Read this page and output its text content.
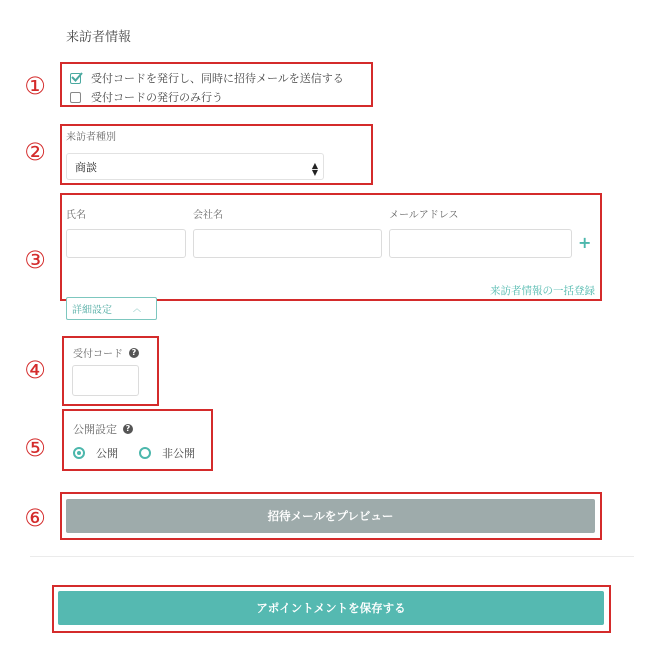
来訪者情報
①	受付コードを発行し、同時に招待メールを送信する
受付コードの発行のみ行う
②
来訪者種別
商談	▲
▼
③
氏名	会社名	メールアドレス
+
来訪者情報の一括登録
詳細設定	︿
④
受付コード	?
⑤
公開設定	?
公開	非公開
⑥	招待メールをプレビュー
アポイントメントを保存する
